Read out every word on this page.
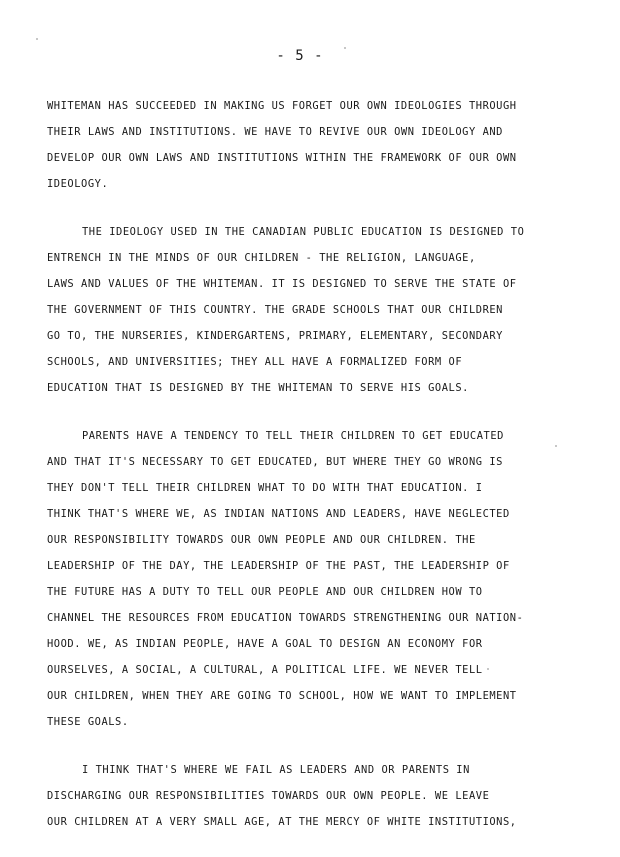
- 5 -
WHITEMAN HAS SUCCEEDED IN MAKING US FORGET OUR OWN IDEOLOGIES THROUGH
THEIR LAWS AND INSTITUTIONS. WE HAVE TO REVIVE OUR OWN IDEOLOGY AND
DEVELOP OUR OWN LAWS AND INSTITUTIONS WITHIN THE FRAMEWORK OF OUR OWN
IDEOLOGY.
THE IDEOLOGY USED IN THE CANADIAN PUBLIC EDUCATION IS DESIGNED TO
ENTRENCH IN THE MINDS OF OUR CHILDREN - THE RELIGION, LANGUAGE,
LAWS AND VALUES OF THE WHITEMAN. IT IS DESIGNED TO SERVE THE STATE OF
THE GOVERNMENT OF THIS COUNTRY. THE GRADE SCHOOLS THAT OUR CHILDREN
GO TO, THE NURSERIES, KINDERGARTENS, PRIMARY, ELEMENTARY, SECONDARY
SCHOOLS, AND UNIVERSITIES; THEY ALL HAVE A FORMALIZED FORM OF
EDUCATION THAT IS DESIGNED BY THE WHITEMAN TO SERVE HIS GOALS.
PARENTS HAVE A TENDENCY TO TELL THEIR CHILDREN TO GET EDUCATED
AND THAT IT'S NECESSARY TO GET EDUCATED, BUT WHERE THEY GO WRONG IS
THEY DON'T TELL THEIR CHILDREN WHAT TO DO WITH THAT EDUCATION. I
THINK THAT'S WHERE WE, AS INDIAN NATIONS AND LEADERS, HAVE NEGLECTED
OUR RESPONSIBILITY TOWARDS OUR OWN PEOPLE AND OUR CHILDREN. THE
LEADERSHIP OF THE DAY, THE LEADERSHIP OF THE PAST, THE LEADERSHIP OF
THE FUTURE HAS A DUTY TO TELL OUR PEOPLE AND OUR CHILDREN HOW TO
CHANNEL THE RESOURCES FROM EDUCATION TOWARDS STRENGTHENING OUR NATION-
HOOD. WE, AS INDIAN PEOPLE, HAVE A GOAL TO DESIGN AN ECONOMY FOR
OURSELVES, A SOCIAL, A CULTURAL, A POLITICAL LIFE. WE NEVER TELL
OUR CHILDREN, WHEN THEY ARE GOING TO SCHOOL, HOW WE WANT TO IMPLEMENT
THESE GOALS.
I THINK THAT'S WHERE WE FAIL AS LEADERS AND OR PARENTS IN
DISCHARGING OUR RESPONSIBILITIES TOWARDS OUR OWN PEOPLE. WE LEAVE
OUR CHILDREN AT A VERY SMALL AGE, AT THE MERCY OF WHITE INSTITUTIONS,
